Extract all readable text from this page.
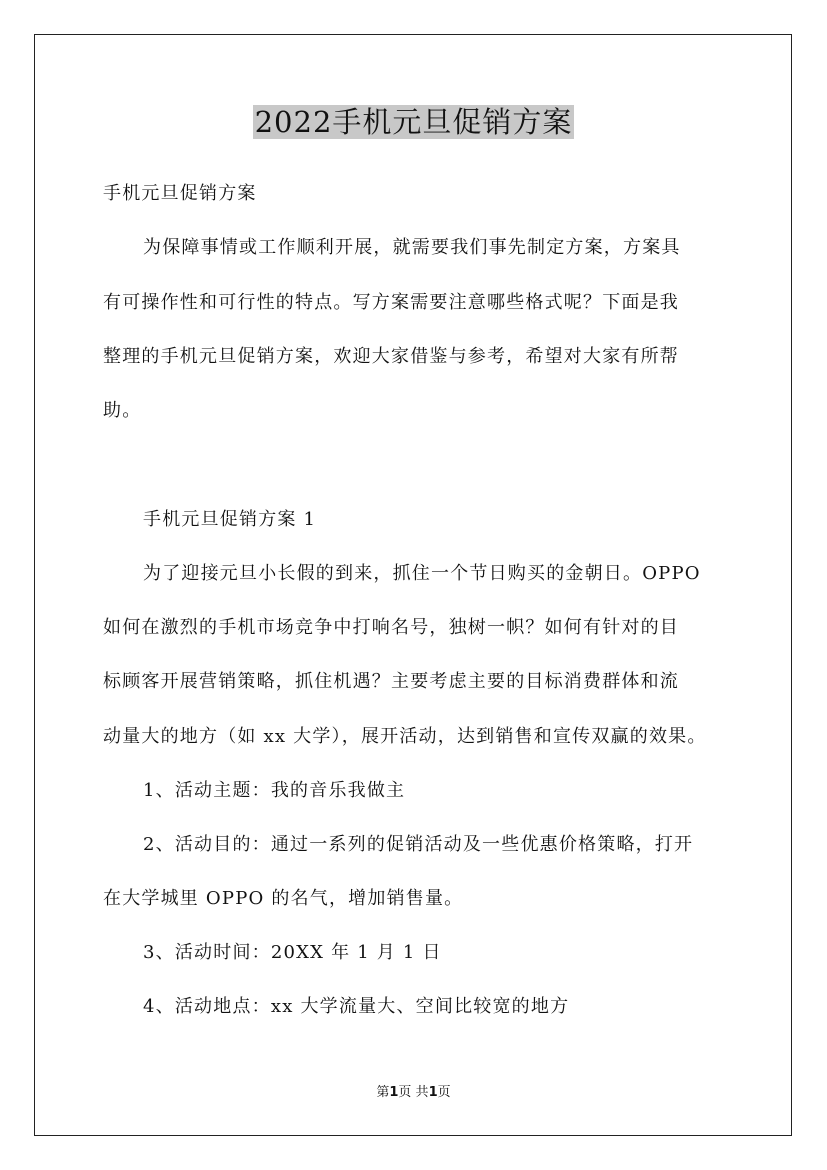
2022手机元旦促销方案
手机元旦促销方案
为保障事情或工作顺利开展，就需要我们事先制定方案，方案具
有可操作性和可行性的特点。写方案需要注意哪些格式呢？下面是我
整理的手机元旦促销方案，欢迎大家借鉴与参考，希望对大家有所帮
助。
手机元旦促销方案 1
为了迎接元旦小长假的到来，抓住一个节日购买的金朝日。OPPO
如何在激烈的手机市场竞争中打响名号，独树一帜？如何有针对的目
标顾客开展营销策略，抓住机遇？主要考虑主要的目标消费群体和流
动量大的地方（如 xx 大学），展开活动，达到销售和宣传双赢的效果。
1、活动主题：我的音乐我做主
2、活动目的：通过一系列的促销活动及一些优惠价格策略，打开
在大学城里 OPPO 的名气，增加销售量。
3、活动时间：20XX 年 1 月 1 日
4、活动地点：xx 大学流量大、空间比较宽的地方
第1页 共1页
